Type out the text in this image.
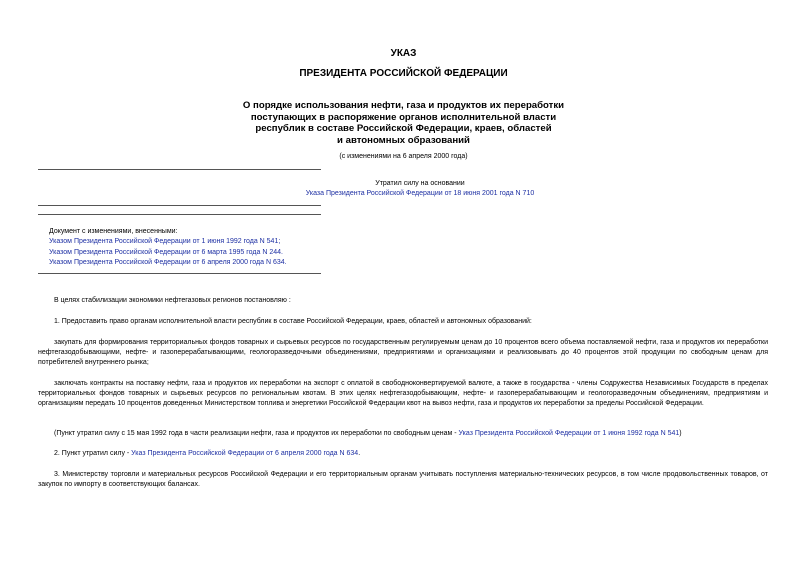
УКАЗ
ПРЕЗИДЕНТА РОССИЙСКОЙ ФЕДЕРАЦИИ
О порядке использования нефти, газа и продуктов их переработки
поступающих в распоряжение органов исполнительной власти
республик в составе Российской Федерации, краев, областей
и автономных образований
(с изменениями на 6 апреля 2000 года)
Утратил силу на основании
Указа Президента Российской Федерации от 18 июня 2001 года N 710
Документ с изменениями, внесенными:
Указом Президента Российской Федерации от 1 июня 1992 года N 541;
Указом Президента Российской Федерации от 6 марта 1995 года N 244.
Указом Президента Российской Федерации от 6 апреля 2000 года N 634.
В целях стабилизации экономики нефтегазовых регионов постановляю :
1. Предоставить право органам исполнительной власти республик в составе Российской Федерации, краев, областей и автономных образований:
закупать для формирования территориальных фондов товарных и сырьевых ресурсов по государственным регулируемым ценам до 10 процентов всего объема поставляемой нефти, газа и продуктов их переработки нефтегазодобывающими, нефте- и газоперерабатывающими, геологоразведочными объединениями, предприятиями и организациями и реализовывать до 40 процентов этой продукции по свободным ценам для потребителей внутреннего рынка;
заключать контракты на поставку нефти, газа и продуктов их переработки на экспорт с оплатой в свободноконвертируемой валюте, а также в государства - члены Содружества Независимых Государств в пределах территориальных фондов товарных и сырьевых ресурсов по региональным квотам. В этих целях нефтегазодобывающим, нефте- и газоперерабатывающим и геологоразведочным объединениям, предприятиям и организациям передать 10 процентов доведенных Министерством топлива и энергетики Российской Федерации квот на вывоз нефти, газа и продуктов их переработки за пределы Российской Федерации.
(Пункт утратил силу с 15 мая 1992 года в части реализации нефти, газа и продуктов их переработки по свободным ценам - Указ Президента Российской Федерации от 1 июня 1992 года N 541)
2. Пункт утратил силу - Указ Президента Российской Федерации от 6 апреля 2000 года N 634.
3. Министерству торговли и материальных ресурсов Российской Федерации и его территориальным органам учитывать поступления материально-технических ресурсов, в том числе продовольственных товаров, от закупок по импорту в соответствующих балансах.
